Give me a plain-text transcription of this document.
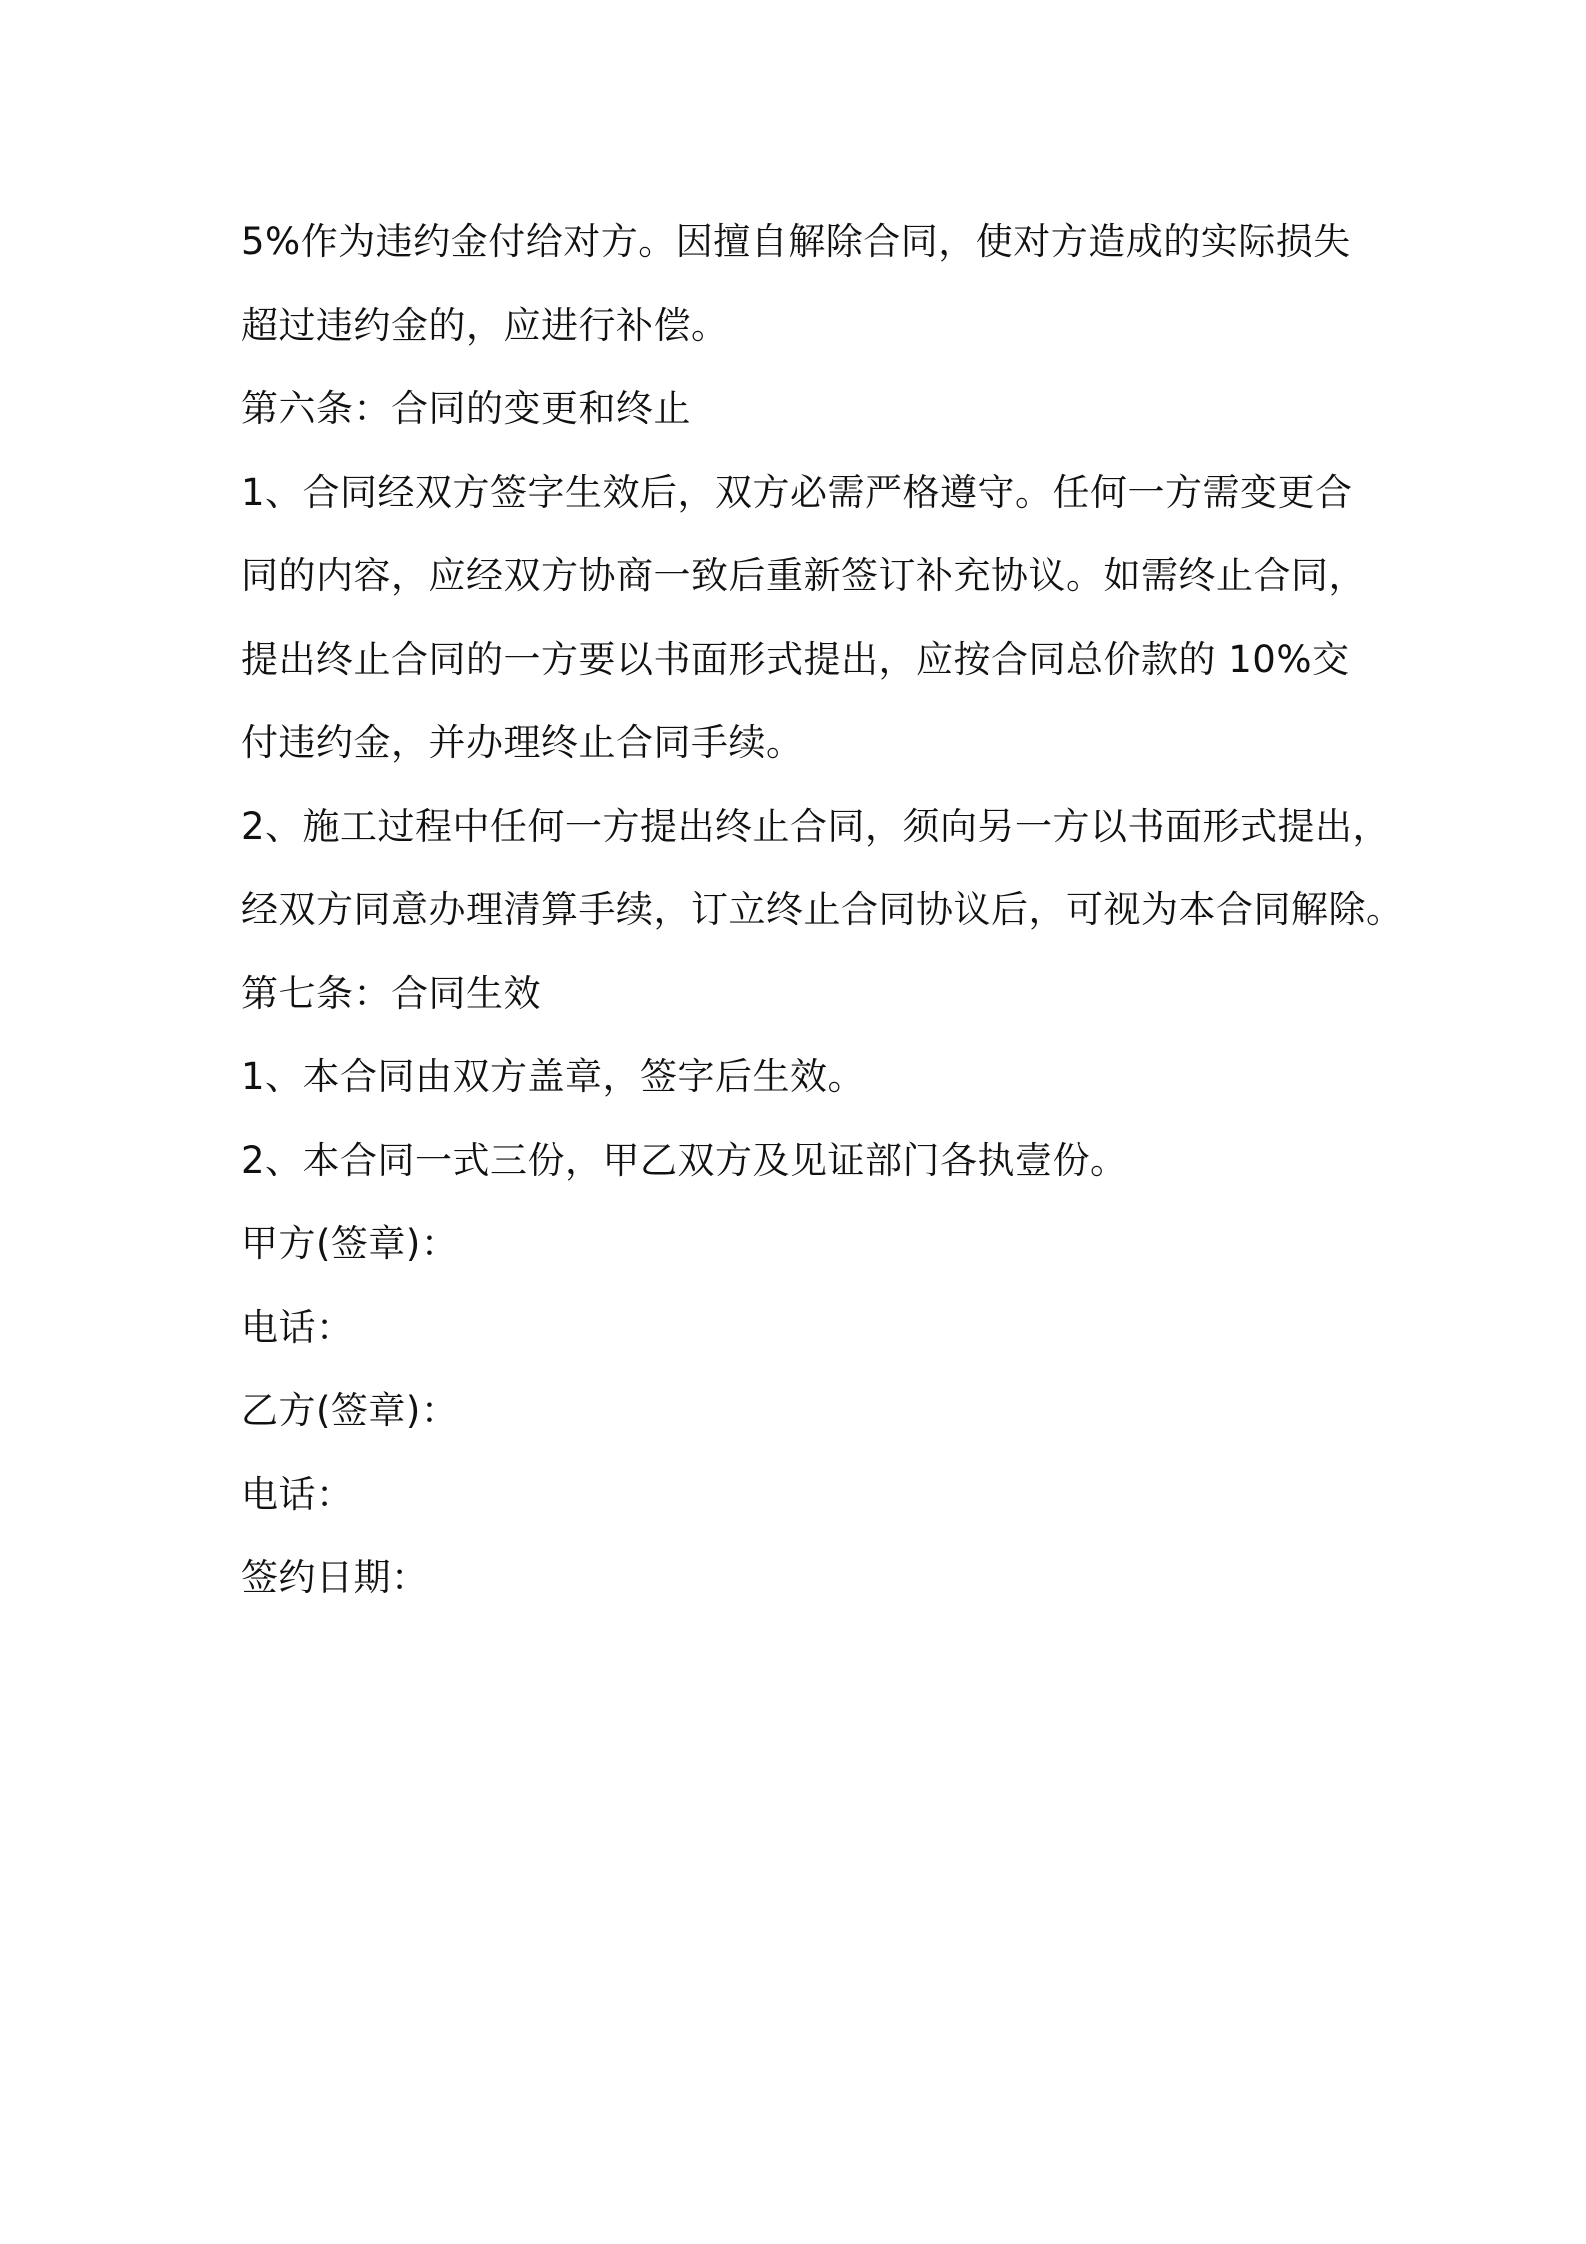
5%作为违约金付给对方。因擅自解除合同，使对方造成的实际损失
超过违约金的，应进行补偿。
第六条：合同的变更和终止
1、合同经双方签字生效后，双方必需严格遵守。任何一方需变更合
同的内容，应经双方协商一致后重新签订补充协议。如需终止合同，
提出终止合同的一方要以书面形式提出，应按合同总价款的 10%交
付违约金，并办理终止合同手续。
2、施工过程中任何一方提出终止合同，须向另一方以书面形式提出，
经双方同意办理清算手续，订立终止合同协议后，可视为本合同解除。
第七条：合同生效
1、本合同由双方盖章，签字后生效。
2、本合同一式三份，甲乙双方及见证部门各执壹份。
甲方(签章)：
电话：
乙方(签章)：
电话：
签约日期：
